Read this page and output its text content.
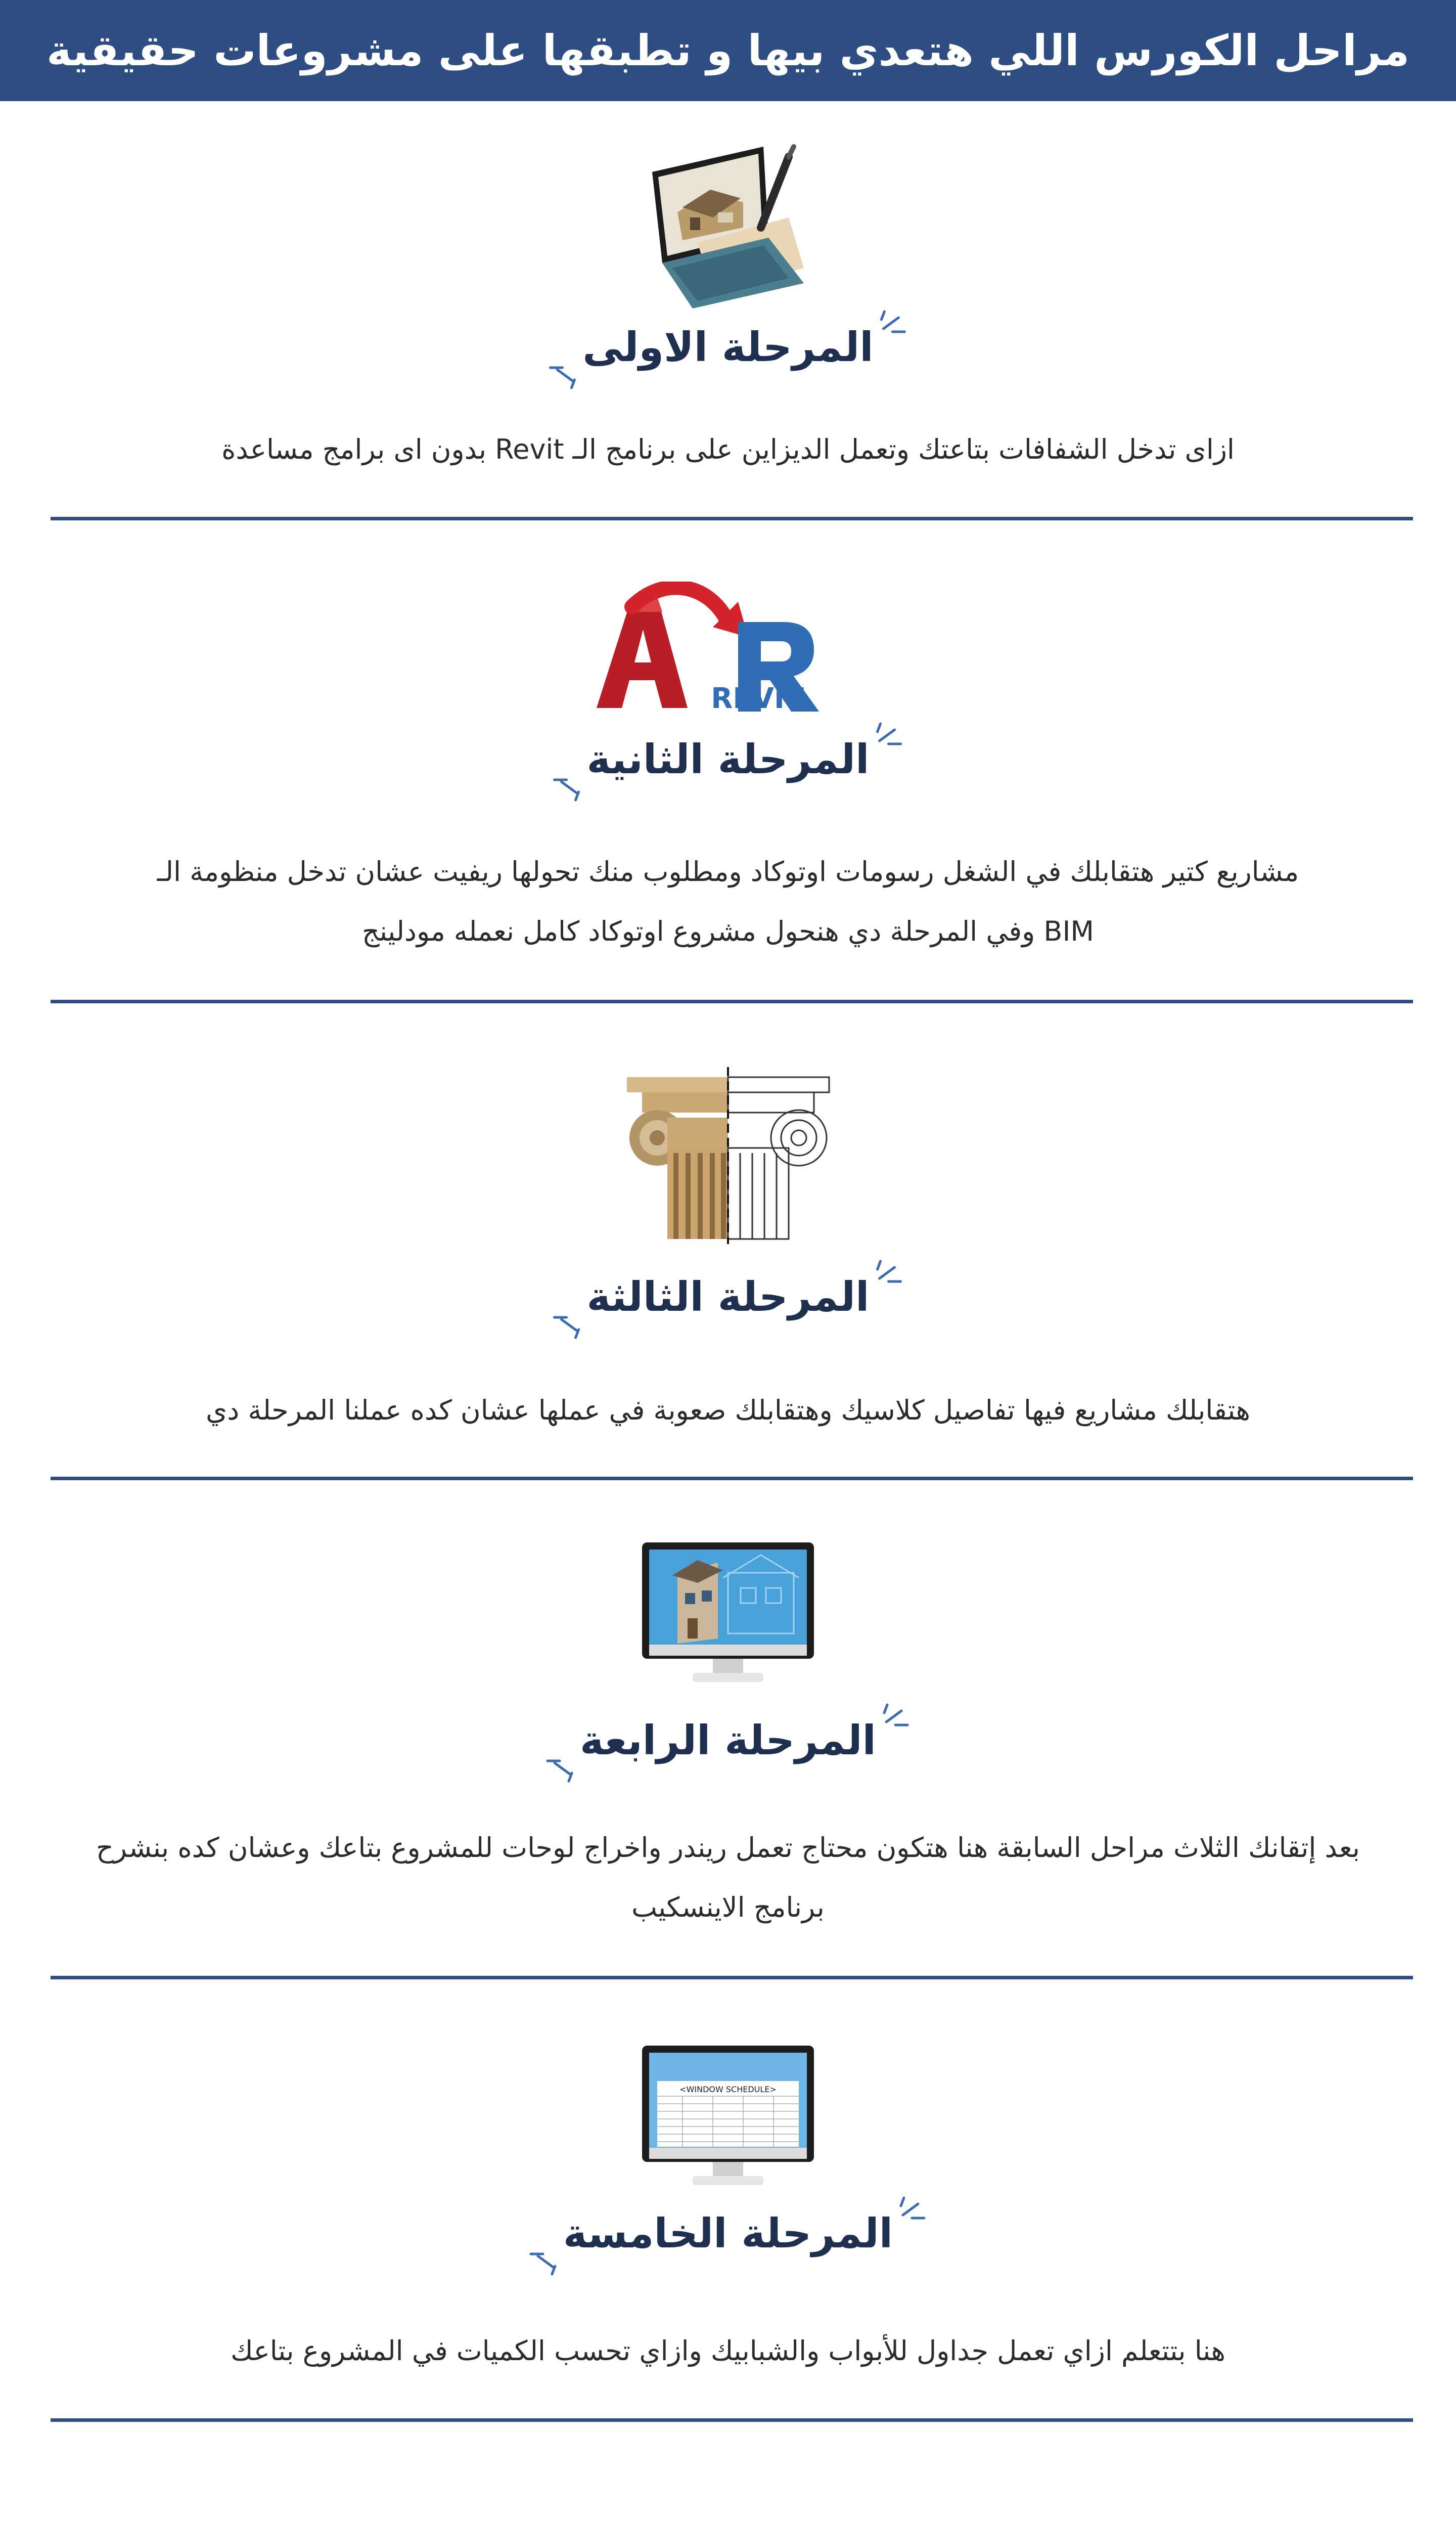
مراحل الكورس اللي هتعدي بيها و تطبقها على مشروعات حقيقية
المرحلة الاولى
ازاى تدخل الشفافات بتاعتك وتعمل الديزاين على برنامج الـ Revit بدون اى برامج مساعدة
REVIT
المرحلة الثانية
مشاريع كتير هتقابلك في الشغل رسومات اوتوكاد ومطلوب منك تحولها ريفيت عشان تدخل منظومة الـ BIM وفي المرحلة دي هنحول مشروع اوتوكاد كامل نعمله مودلينج
المرحلة الثالثة
هتقابلك مشاريع فيها تفاصيل كلاسيك وهتقابلك صعوبة في عملها عشان كده عملنا المرحلة دي
المرحلة الرابعة
بعد إتقانك الثلاث مراحل السابقة هنا هتكون محتاج تعمل ريندر واخراج لوحات للمشروع بتاعك وعشان كده بنشرح برنامج الاينسكيب
<WINDOW SCHEDULE>
المرحلة الخامسة
هنا بتتعلم ازاي تعمل جداول للأبواب والشبابيك وازاي تحسب الكميات في المشروع بتاعك
